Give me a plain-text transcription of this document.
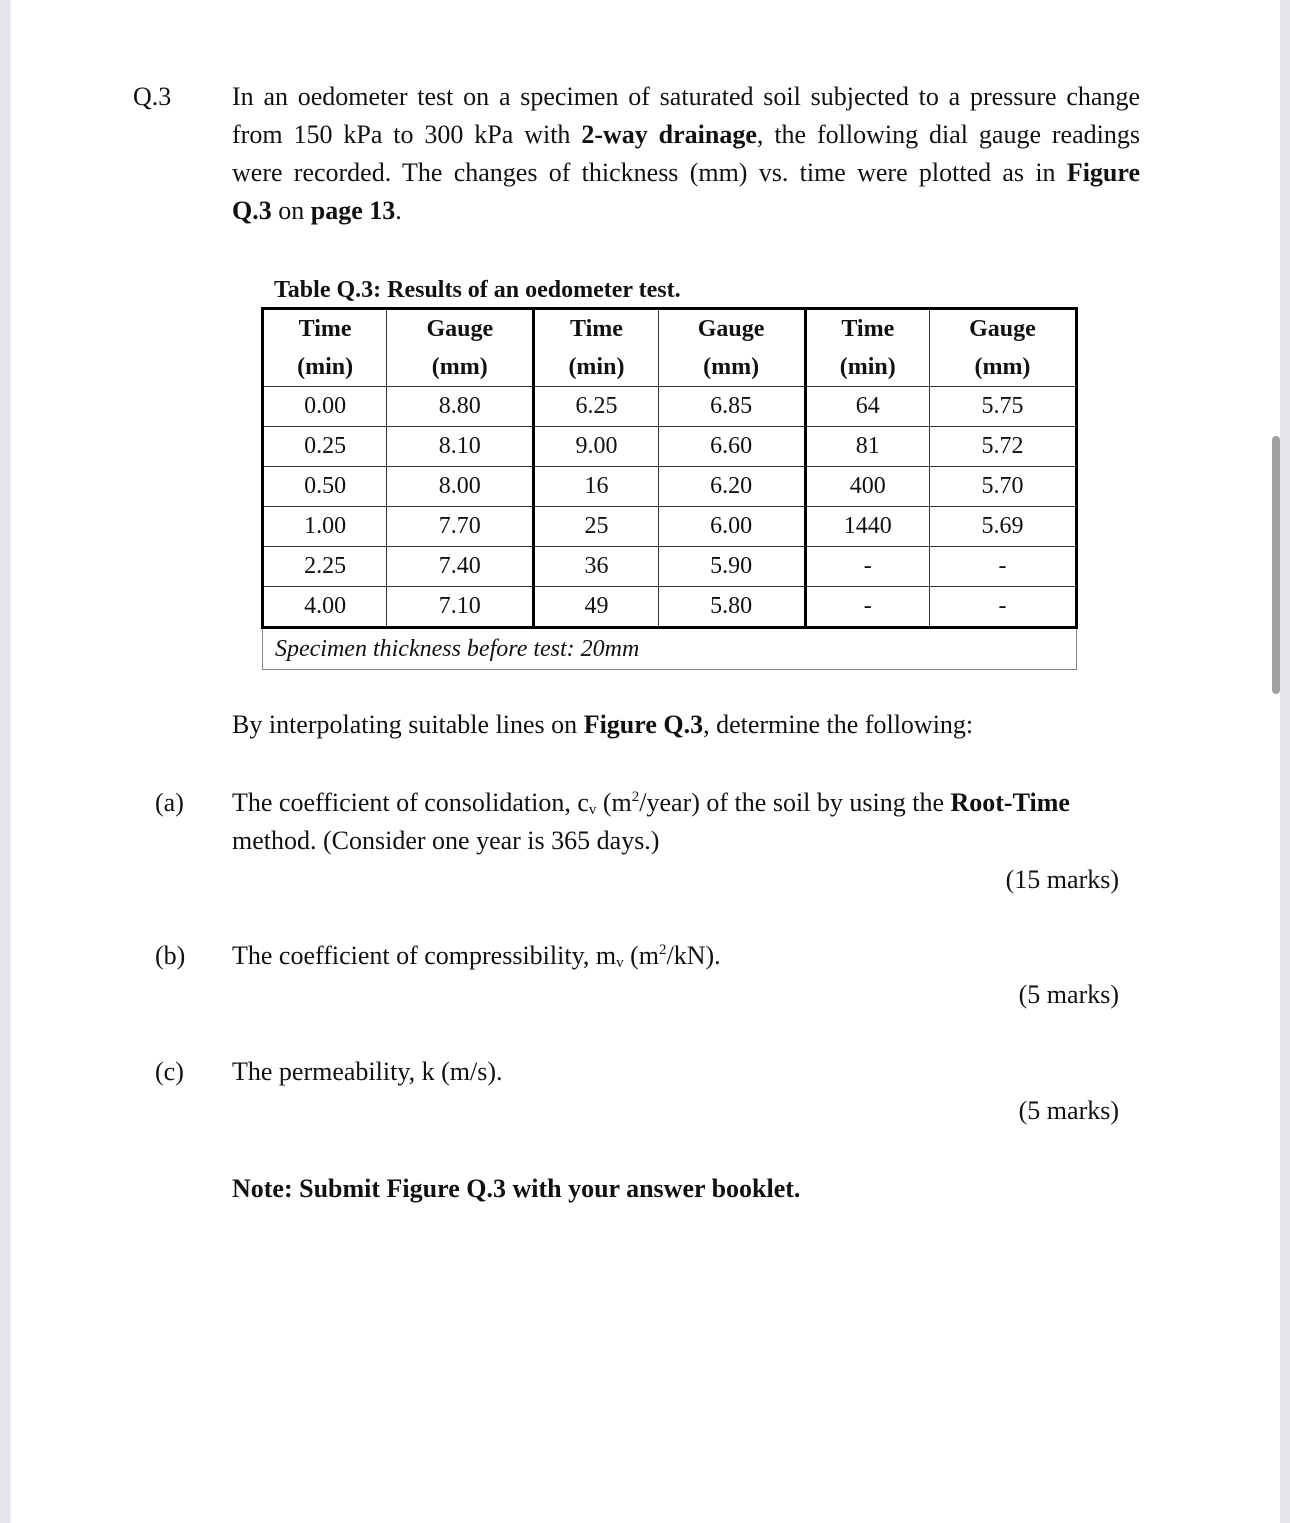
Q.3 In an oedometer test on a specimen of saturated soil subjected to a pressure change
from 150 kPa to 300 kPa with 2-way drainage, the following dial gauge readings
were recorded. The changes of thickness (mm) vs. time were plotted as in Figure
Q.3 on page 13.
Table Q.3: Results of an oedometer test.
Time	Gauge	Time	Gauge	Time	Gauge
(min)	(mm)	(min)	(mm)	(min)	(mm)
0.00	8.80	6.25	6.85	64	5.75
0.25	8.10	9.00	6.60	81	5.72
0.50	8.00	16	6.20	400	5.70
1.00	7.70	25	6.00	1440	5.69
2.25	7.40	36	5.90	-	-
4.00	7.10	49	5.80	-	-
Specimen thickness before test: 20mm					
By interpolating suitable lines on Figure Q.3, determine the following:
(a) The coefficient of consolidation, $c_v$ $(m^2/year)$ of the soil by using the Root-Time
method. (Consider one year is 365 days.)
(15 marks)
(b) The coefficient of compressibility, $m_v$ $(m^2/kN)$.
(5 marks)
(c) The permeability, k (m/s).
(5 marks)
Note: Submit Figure Q.3 with your answer booklet.
